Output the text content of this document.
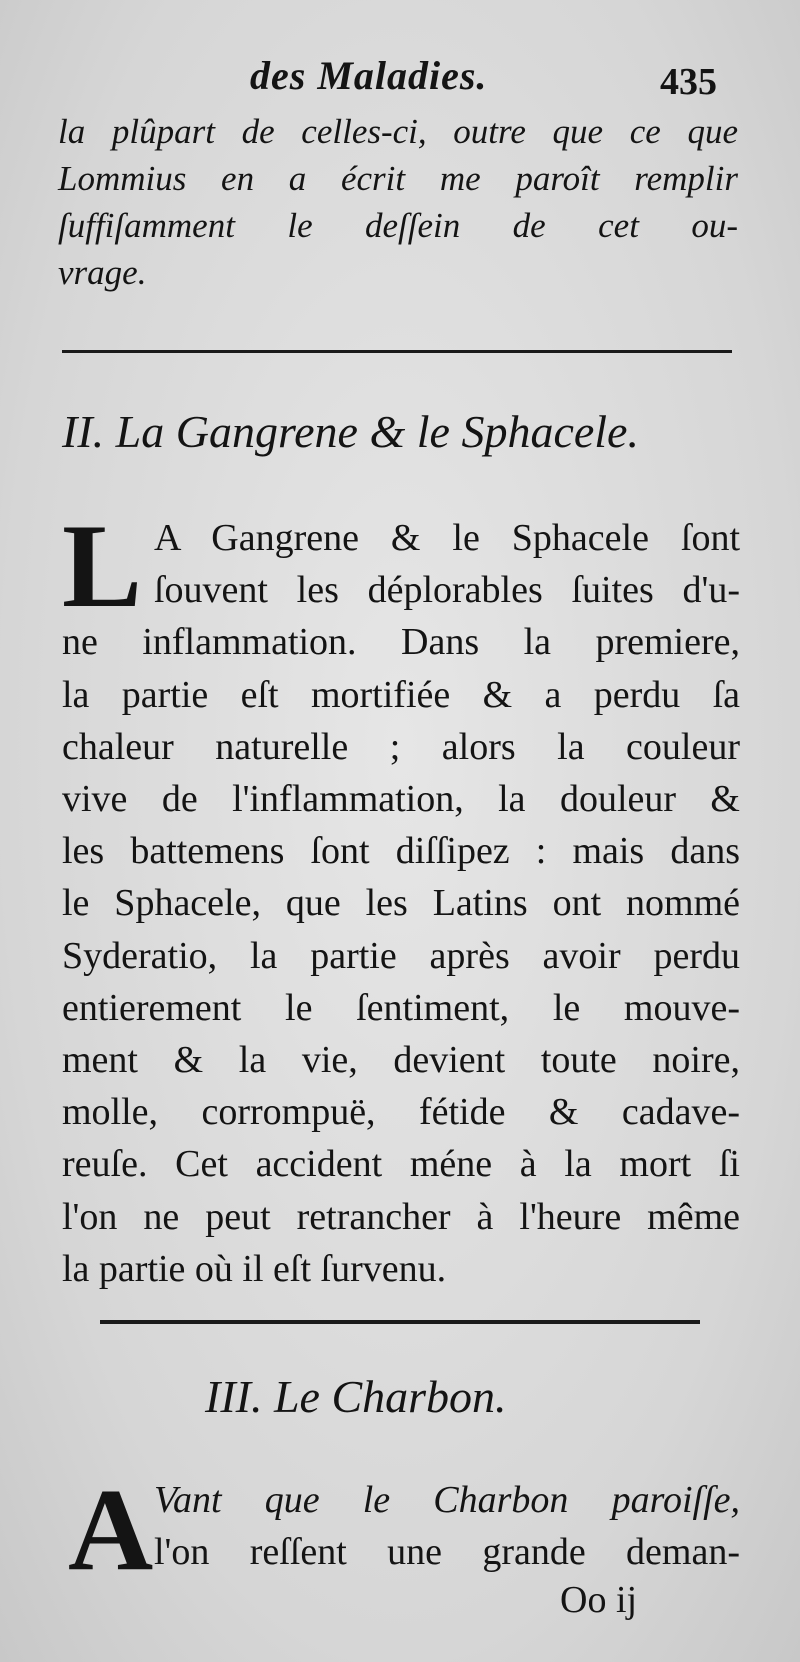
des Maladies.	435
la plûpart de celles-ci, outre que ce que
Lommius en a écrit me paroît remplir
ſuffiſamment le deſſein de cet ou-
vrage.
II. La Gangrene & le Sphacele.
L A Gangrene & le Sphacele ſont
ſouvent les déplorables ſuites d'u-
ne inflammation. Dans la premiere,
la partie eſt mortifiée & a perdu ſa
chaleur naturelle ; alors la couleur
vive de l'inflammation, la douleur &
les battemens ſont diſſipez : mais dans
le Sphacele, que les Latins ont nommé
Syderatio, la partie après avoir perdu
entierement le ſentiment, le mouve-
ment & la vie, devient toute noire,
molle, corrompuë, fétide & cadave-
reuſe. Cet accident méne à la mort ſi
l'on ne peut retrancher à l'heure même
la partie où il eſt ſurvenu.
III. Le Charbon.
A Vant que le Charbon paroiſſe,
l'on reſſent une grande deman-
Oo ij
